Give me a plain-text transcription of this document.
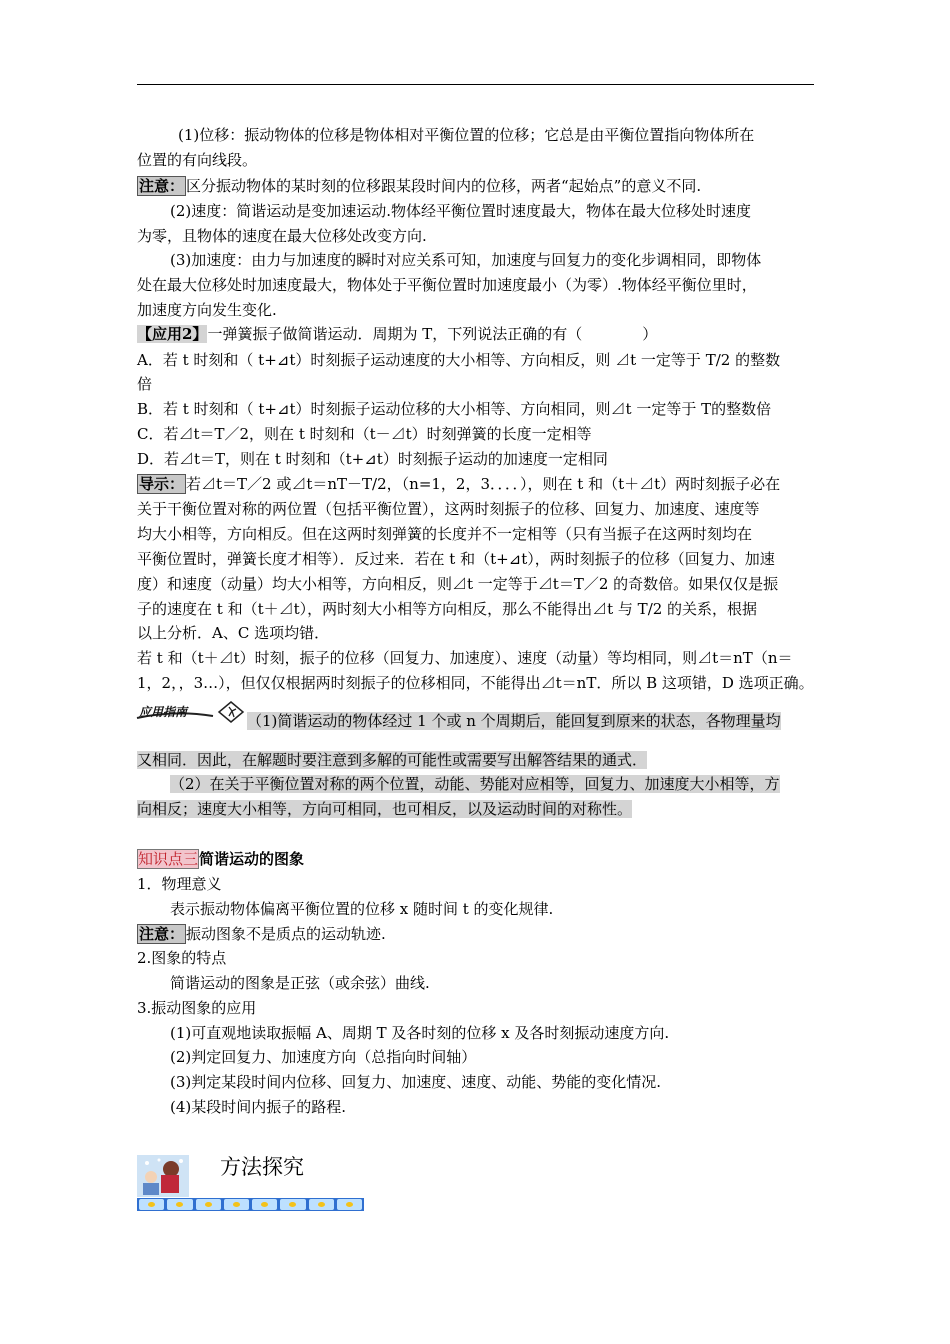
(1)位移：振动物体的位移是物体相对平衡位置的位移；它总是由平衡位置指向物体所在
位置的有向线段。
注意： 区分振动物体的某时刻的位移跟某段时间内的位移，两者“起始点”的意义不同.
(2)速度：简谐运动是变加速运动.物体经平衡位置时速度最大，物体在最大位移处时速度
为零，且物体的速度在最大位移处改变方向.
(3)加速度：由力与加速度的瞬时对应关系可知，加速度与回复力的变化步调相同，即物体
处在最大位移处时加速度最大，物体处于平衡位置时加速度最小（为零）.物体经平衡位里时，
加速度方向发生变化.
【应用2】一弹簧振子做简谐运动．周期为 T，下列说法正确的有（　　　　）
A．若 t 时刻和（ t+⊿t）时刻振子运动速度的大小相等、方向相反，则 ⊿t 一定等于 T/2 的整数
倍
B．若 t 时刻和（ t+⊿t）时刻振子运动位移的大小相等、方向相同，则⊿t 一定等于 T的整数倍
C．若⊿t＝T／2，则在 t 时刻和（t－⊿t）时刻弹簧的长度一定相等
D．若⊿t＝T，则在 t 时刻和（t+⊿t）时刻振子运动的加速度一定相同
导示： 若⊿t＝T／2 或⊿t＝nT－T/2，（n=1，2，3．．．．），则在 t 和（t＋⊿t）两时刻振子必在
关于干衡位置对称的两位置（包括平衡位置），这两时刻振子的位移、回复力、加速度、速度等
均大小相等，方向相反。但在这两时刻弹簧的长度并不一定相等（只有当振子在这两时刻均在
平衡位置时，弹簧长度才相等）．反过来．若在 t 和（t+⊿t），两时刻振子的位移（回复力、加速
度）和速度（动量）均大小相等，方向相反，则⊿t 一定等于⊿t＝T／2 的奇数倍。如果仅仅是振
子的速度在 t 和（t＋⊿t），两时刻大小相等方向相反，那么不能得出⊿t 与 T/2 的关系，根据
以上分析．A、C 选项均错．
若 t 和（t＋⊿t）时刻，振子的位移（回复力、加速度）、速度（动量）等均相同，则⊿t＝nT（n＝
1，2，，3…），但仅仅根据两时刻振子的位移相同，不能得出⊿t＝nT．所以 B 这项错，D 选项正确。
应用指南	（1)简谐运动的物体经过 1 个或 n 个周期后，能回复到原来的状态，各物理量均
又相同．因此，在解题时要注意到多解的可能性或需要写出解答结果的通式．
（2）在关于平衡位置对称的两个位置，动能、势能对应相等，回复力、加速度大小相等，方
向相反；速度大小相等，方向可相同，也可相反，以及运动时间的对称性。
知识点三简谐运动的图象
1．物理意义
表示振动物体偏离平衡位置的位移 x 随时间 t 的变化规律.
注意： 振动图象不是质点的运动轨迹.
2.图象的特点
简谐运动的图象是正弦（或余弦）曲线.
3.振动图象的应用
(1)可直观地读取振幅 A、周期 T 及各时刻的位移 x 及各时刻振动速度方向.
(2)判定回复力、加速度方向（总指向时间轴）
(3)判定某段时间内位移、回复力、加速度、速度、动能、势能的变化情况.
(4)某段时间内振子的路程.
方法探究
